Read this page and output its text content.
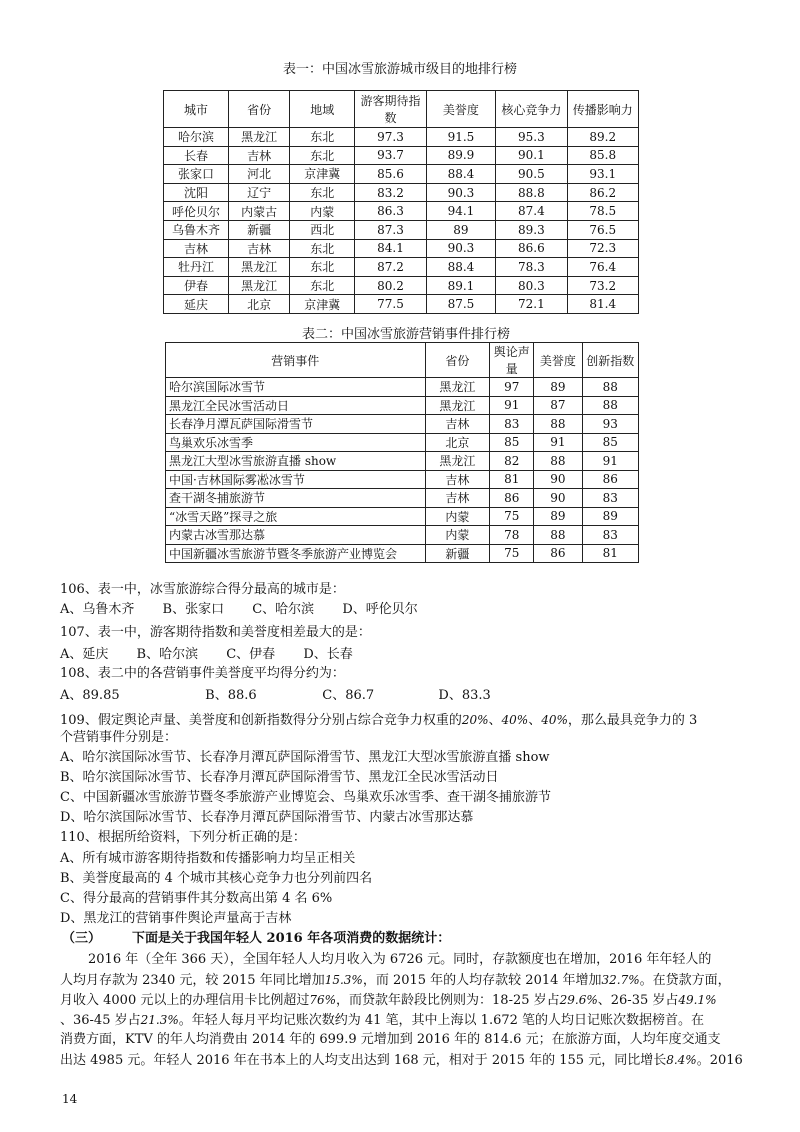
表一：中国冰雪旅游城市级目的地排行榜
城市	省份	地域	游客期待指数	美誉度	核心竞争力	传播影响力
哈尔滨	黑龙江	东北	97.3	91.5	95.3	89.2
长春	吉林	东北	93.7	89.9	90.1	85.8
张家口	河北	京津冀	85.6	88.4	90.5	93.1
沈阳	辽宁	东北	83.2	90.3	88.8	86.2
呼伦贝尔	内蒙古	内蒙	86.3	94.1	87.4	78.5
乌鲁木齐	新疆	西北	87.3	89	89.3	76.5
吉林	吉林	东北	84.1	90.3	86.6	72.3
牡丹江	黑龙江	东北	87.2	88.4	78.3	76.4
伊春	黑龙江	东北	80.2	89.1	80.3	73.2
延庆	北京	京津冀	77.5	87.5	72.1	81.4
表二：中国冰雪旅游营销事件排行榜
营销事件	省份	舆论声量	美誉度	创新指数
哈尔滨国际冰雪节	黑龙江	97	89	88
黑龙江全民冰雪活动日	黑龙江	91	87	88
长春净月潭瓦萨国际滑雪节	吉林	83	88	93
鸟巢欢乐冰雪季	北京	85	91	85
黑龙江大型冰雪旅游直播 show	黑龙江	82	88	91
中国·吉林国际雾凇冰雪节	吉林	81	90	86
查干湖冬捕旅游节	吉林	86	90	83
“冰雪天路”探寻之旅	内蒙	75	89	89
内蒙古冰雪那达慕	内蒙	78	88	83
中国新疆冰雪旅游节暨冬季旅游产业博览会	新疆	75	86	81
106、表一中，冰雪旅游综合得分最高的城市是：
A、乌鲁木齐 B、张家口 C、哈尔滨 D、呼伦贝尔
107、表一中，游客期待指数和美誉度相差最大的是：
A、延庆 B、哈尔滨 C、伊春 D、长春
108、表二中的各营销事件美誉度平均得分约为：
A、89.85	B、88.6	C、86.7	D、83.3
109、假定舆论声量、美誉度和创新指数得分分别占综合竞争力权重的20%、40%、40%，那么最具竞争力的 3
个营销事件分别是：
A、哈尔滨国际冰雪节、长春净月潭瓦萨国际滑雪节、黑龙江大型冰雪旅游直播 show
B、哈尔滨国际冰雪节、长春净月潭瓦萨国际滑雪节、黑龙江全民冰雪活动日
C、中国新疆冰雪旅游节暨冬季旅游产业博览会、鸟巢欢乐冰雪季、查干湖冬捕旅游节
D、哈尔滨国际冰雪节、长春净月潭瓦萨国际滑雪节、内蒙古冰雪那达慕
110、根据所给资料，下列分析正确的是：
A、所有城市游客期待指数和传播影响力均呈正相关
B、美誉度最高的 4 个城市其核心竞争力也分列前四名
C、得分最高的营销事件其分数高出第 4 名 6%
D、黑龙江的营销事件舆论声量高于吉林
（三） 下面是关于我国年轻人 2016 年各项消费的数据统计：
2016 年（全年 366 天），全国年轻人人均月收入为 6726 元。同时，存款额度也在增加，2016 年年轻人的
人均月存款为 2340 元，较 2015 年同比增加15.3%，而 2015 年的人均存款较 2014 年增加32.7%。在贷款方面，
月收入 4000 元以上的办理信用卡比例超过76%，而贷款年龄段比例则为：18-25 岁占29.6%、26-35 岁占49.1%
、36-45 岁占21.3%。年轻人每月平均记账次数约为 41 笔，其中上海以 1.672 笔的人均日记账次数据榜首。在
消费方面，KTV 的年人均消费由 2014 年的 699.9 元增加到 2016 年的 814.6 元；在旅游方面，人均年度交通支
出达 4985 元。年轻人 2016 年在书本上的人均支出达到 168 元，相对于 2015 年的 155 元，同比增长8.4%。2016
14
